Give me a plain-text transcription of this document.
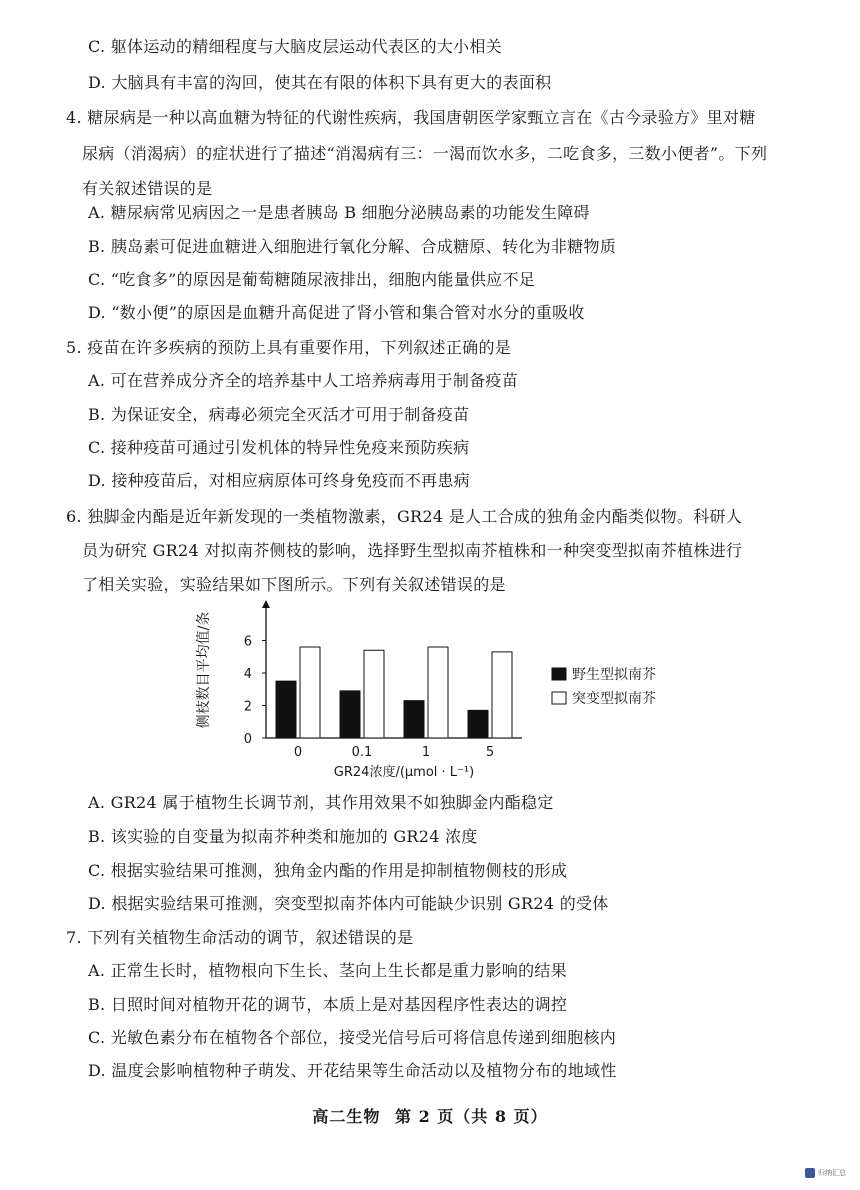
C. 躯体运动的精细程度与大脑皮层运动代表区的大小相关
D. 大脑具有丰富的沟回，使其在有限的体积下具有更大的表面积
4. 糖尿病是一种以高血糖为特征的代谢性疾病，我国唐朝医学家甄立言在《古今录验方》里对糖
尿病（消渴病）的症状进行了描述“消渴病有三：一渴而饮水多，二吃食多，三数小便者”。下列
有关叙述错误的是
A. 糖尿病常见病因之一是患者胰岛 B 细胞分泌胰岛素的功能发生障碍
B. 胰岛素可促进血糖进入细胞进行氧化分解、合成糖原、转化为非糖物质
C. “吃食多”的原因是葡萄糖随尿液排出，细胞内能量供应不足
D. “数小便”的原因是血糖升高促进了肾小管和集合管对水分的重吸收
5. 疫苗在许多疾病的预防上具有重要作用，下列叙述正确的是
A. 可在营养成分齐全的培养基中人工培养病毒用于制备疫苗
B. 为保证安全，病毒必须完全灭活才可用于制备疫苗
C. 接种疫苗可通过引发机体的特异性免疫来预防疾病
D. 接种疫苗后，对相应病原体可终身免疫而不再患病
6. 独脚金内酯是近年新发现的一类植物激素，GR24 是人工合成的独角金内酯类似物。科研人
员为研究 GR24 对拟南芥侧枝的影响，选择野生型拟南芥植株和一种突变型拟南芥植株进行
了相关实验，实验结果如下图所示。下列有关叙述错误的是
0
2
4
6
0	0.1	1	5
侧枝数目平均值/条
GR24浓度/(μmol · L⁻¹)
野生型拟南芥
突变型拟南芥
A. GR24 属于植物生长调节剂，其作用效果不如独脚金内酯稳定
B. 该实验的自变量为拟南芥种类和施加的 GR24 浓度
C. 根据实验结果可推测，独角金内酯的作用是抑制植物侧枝的形成
D. 根据实验结果可推测，突变型拟南芥体内可能缺少识别 GR24 的受体
7. 下列有关植物生命活动的调节，叙述错误的是
A. 正常生长时，植物根向下生长、茎向上生长都是重力影响的结果
B. 日照时间对植物开花的调节，本质上是对基因程序性表达的调控
C. 光敏色素分布在植物各个部位，接受光信号后可将信息传递到细胞核内
D. 温度会影响植物种子萌发、开花结果等生命活动以及植物分布的地域性
高二生物 第 2 页（共 8 页）
归纳汇总
